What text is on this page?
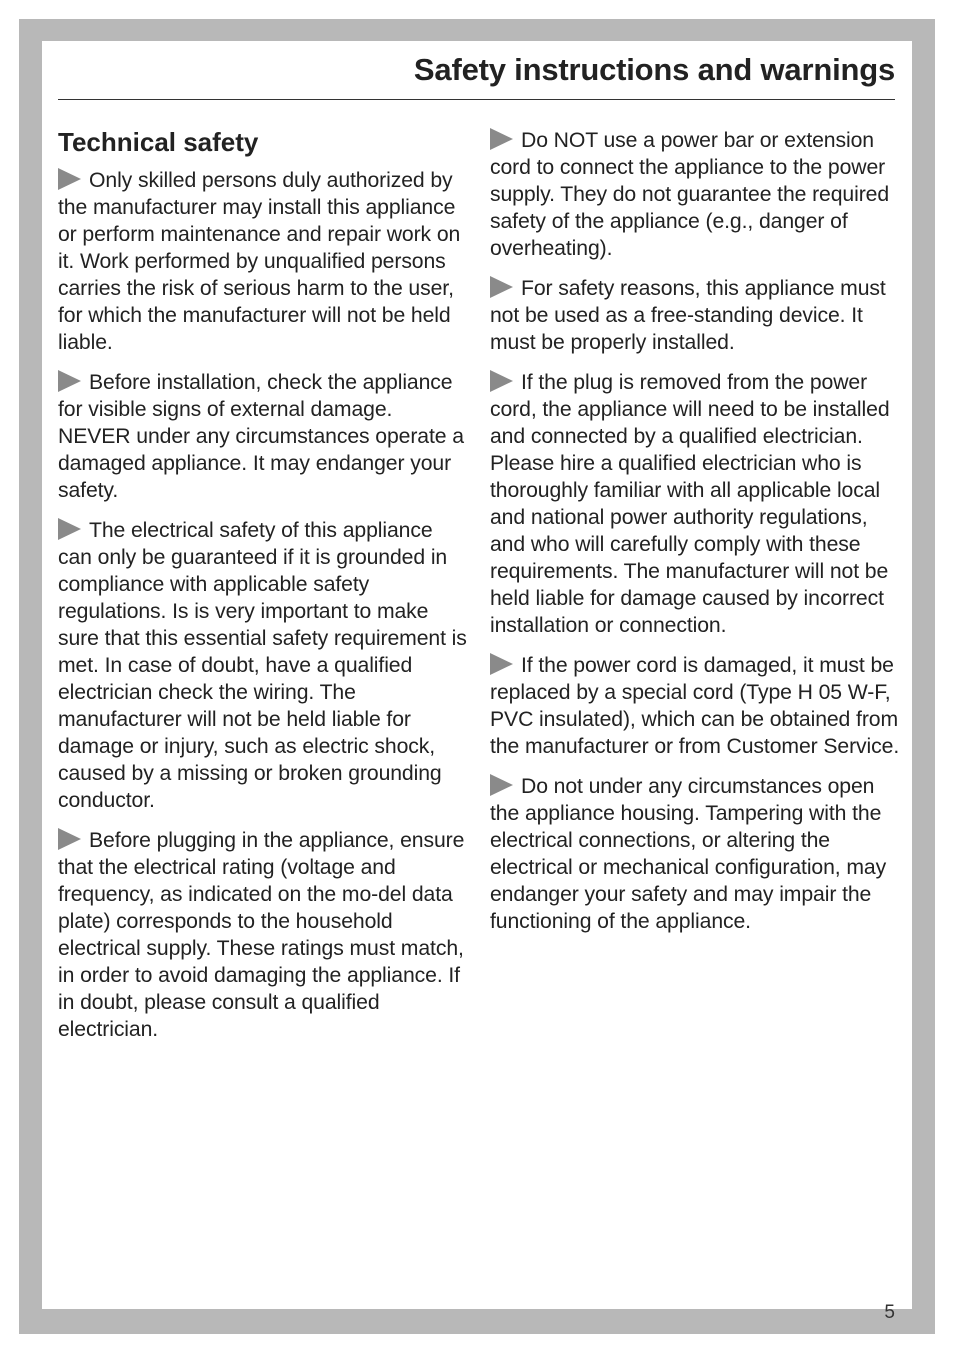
Safety instructions and warnings
Technical safety

Only skilled persons duly authorized by the manufacturer may install this appliance or perform maintenance and repair work on it. Work performed by unqualified persons carries the risk of serious harm to the user, for which the manufacturer will not be held liable.

Before installation, check the appliance for visible signs of external damage. NEVER under any circumstances operate a damaged appliance. It may endanger your safety.

The electrical safety of this appliance can only be guaranteed if it is grounded in compliance with applicable safety regulations. Is is very important to make sure that this essential safety requirement is met. In case of doubt, have a qualified electrician check the wiring. The manufacturer will not be held liable for damage or injury, such as electric shock, caused by a missing or broken grounding conductor.

Before plugging in the appliance, ensure that the electrical rating (voltage and frequency, as indicated on the mo-del data plate) corresponds to the household electrical supply. These ratings must match, in order to avoid damaging the appliance. If in doubt, please consult a qualified electrician.

Do NOT use a power bar or extension cord to connect the appliance to the power supply. They do not guarantee the required safety of the appliance (e.g., danger of overheating).

For safety reasons, this appliance must not be used as a free-standing device. It must be properly installed.

If the plug is removed from the power cord, the appliance will need to be installed and connected by a qualified electrician. Please hire a qualified electrician who is thoroughly familiar with all applicable local and national power authority regulations, and who will carefully comply with these requirements. The manufacturer will not be held liable for damage caused by incorrect installation or connection.

If the power cord is damaged, it must be replaced by a special cord (Type H 05 W-F, PVC insulated), which can be obtained from the manufacturer or from Customer Service.

Do not under any circumstances open the appliance housing. Tampering with the electrical connections, or altering the electrical or mechanical configuration, may endanger your safety and may impair the functioning of the appliance.

5
